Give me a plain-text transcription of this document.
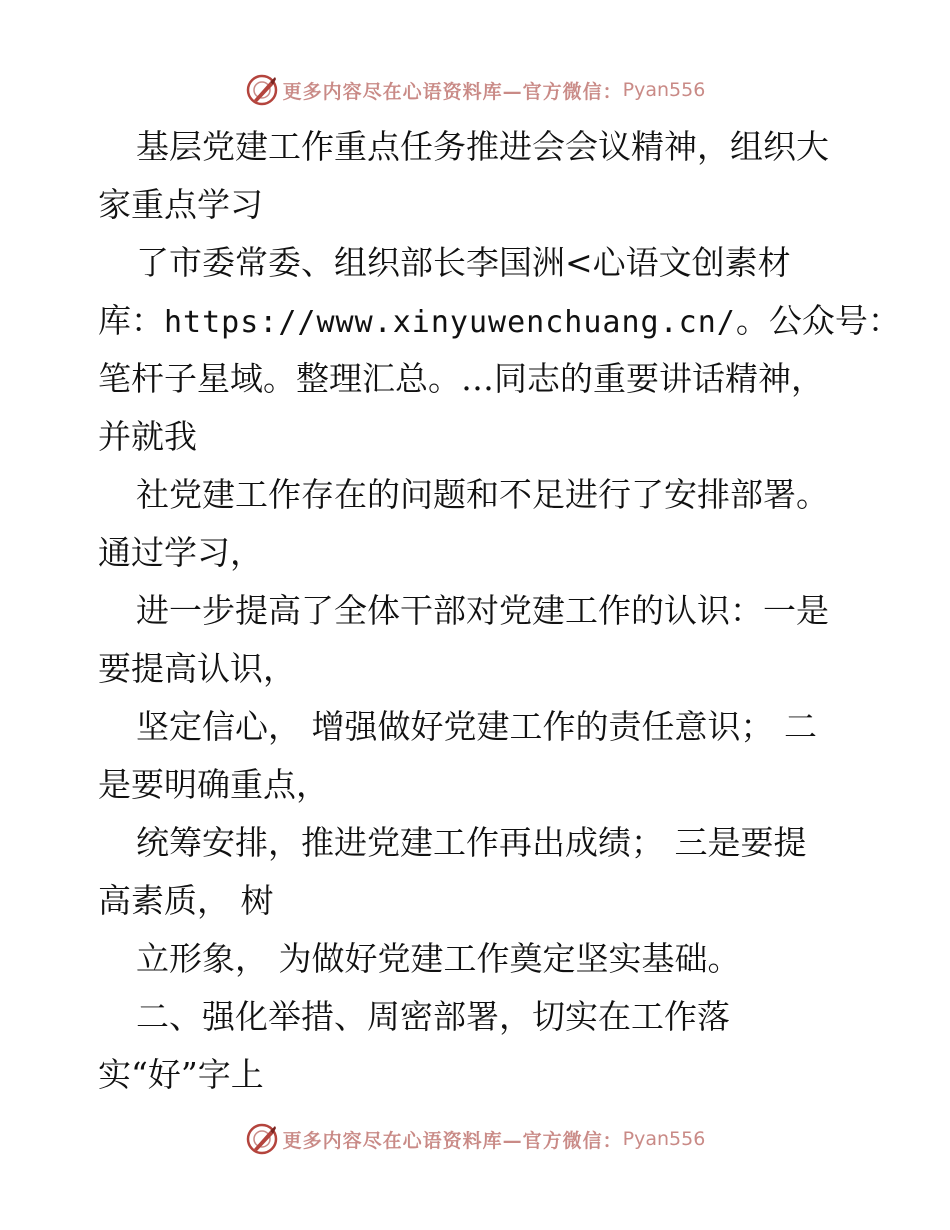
更多内容尽在心语资料库—官方微信： Pyan556
基层党建工作重点任务推进会会议精神，组织大
家重点学习
了市委常委、组织部长李国洲<心语文创素材
库：https://www.xinyuwenchuang.cn/。公众号：
笔杆子星域。整理汇总。…同志的重要讲话精神，
并就我
社党建工作存在的问题和不足进行了安排部署。
通过学习，
进一步提高了全体干部对党建工作的认识：一是
要提高认识，
坚定信心， 增强做好党建工作的责任意识； 二
是要明确重点，
统筹安排，推进党建工作再出成绩； 三是要提
高素质， 树
立形象， 为做好党建工作奠定坚实基础。
二、强化举措、周密部署，切实在工作落
实“好”字上
更多内容尽在心语资料库—官方微信： Pyan556
